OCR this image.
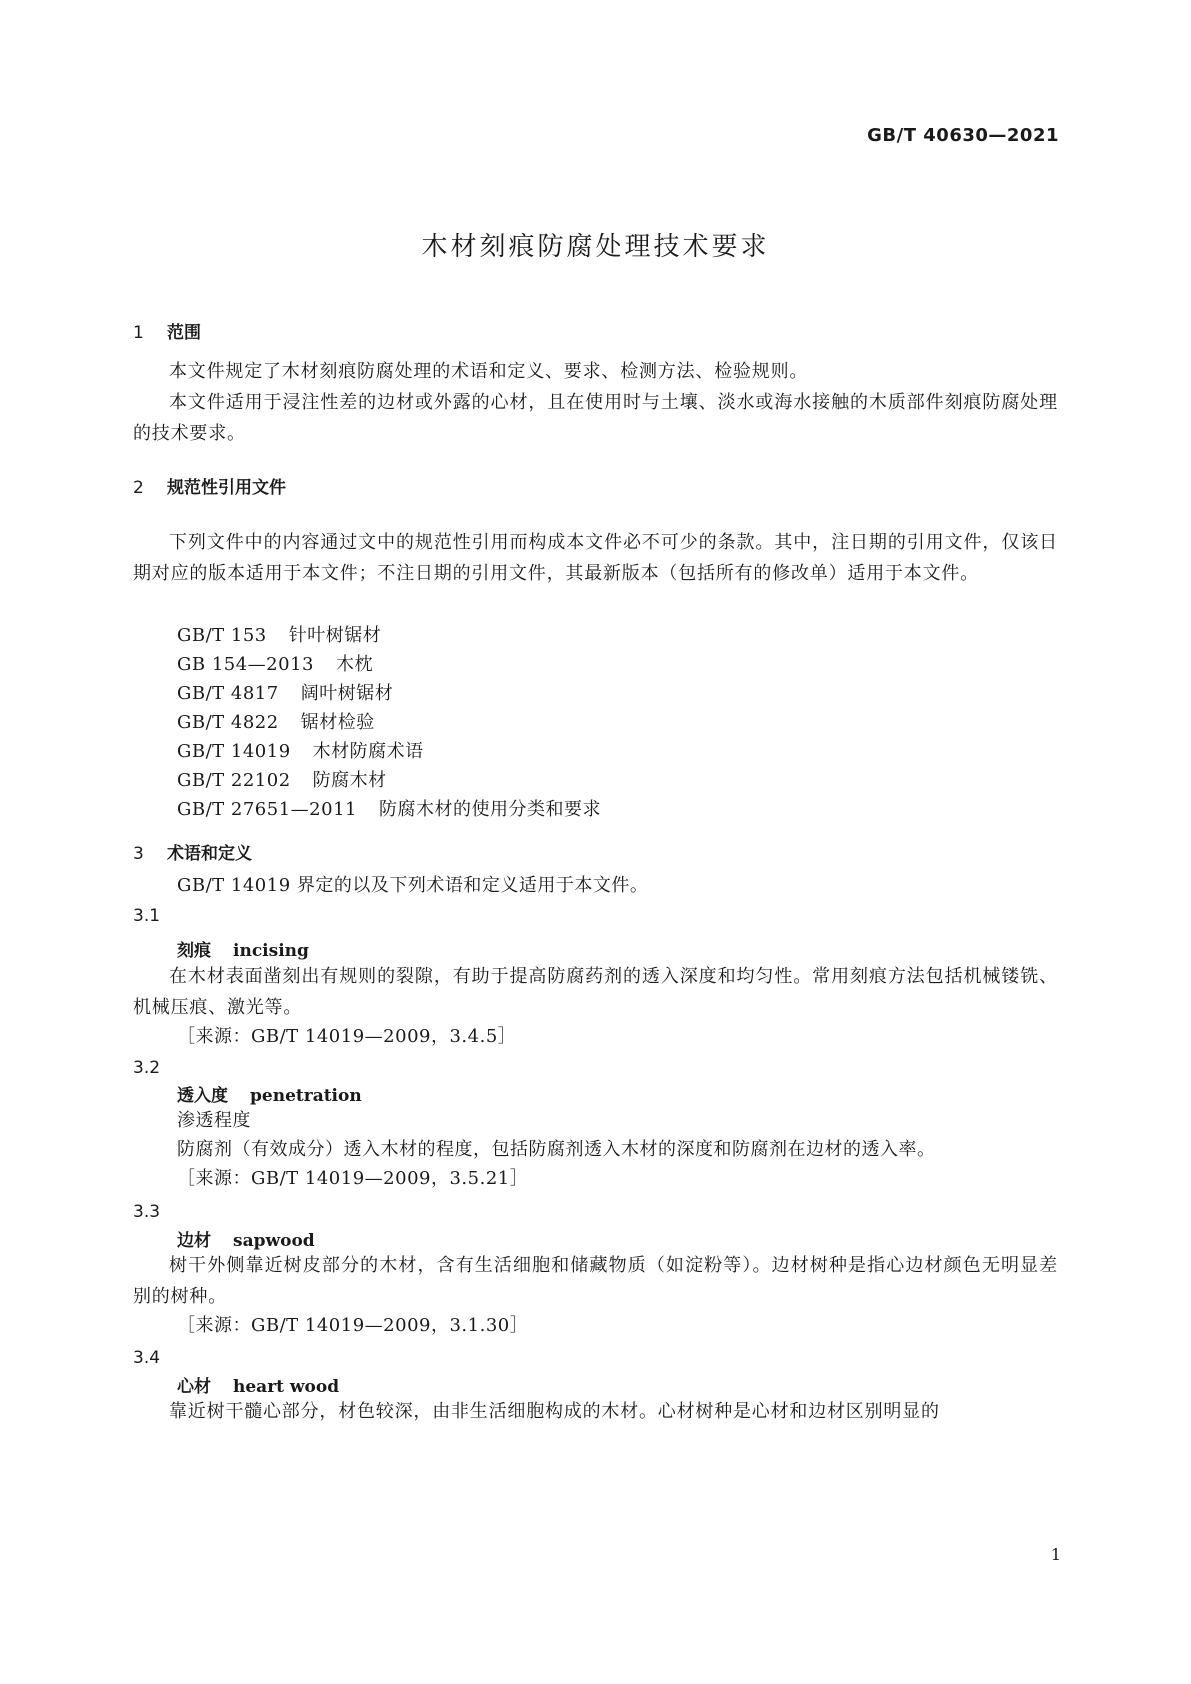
GB/T 40630—2021
木材刻痕防腐处理技术要求
1 范围
本文件规定了木材刻痕防腐处理的术语和定义、要求、检测方法、检验规则。
本文件适用于浸注性差的边材或外露的心材，且在使用时与土壤、淡水或海水接触的木质部件刻痕防腐处理的技术要求。
2 规范性引用文件
下列文件中的内容通过文中的规范性引用而构成本文件必不可少的条款。其中，注日期的引用文件，仅该日期对应的版本适用于本文件；不注日期的引用文件，其最新版本（包括所有的修改单）适用于本文件。
GB/T 153 针叶树锯材
GB 154—2013 木枕
GB/T 4817 阔叶树锯材
GB/T 4822 锯材检验
GB/T 14019 木材防腐术语
GB/T 22102 防腐木材
GB/T 27651—2011 防腐木材的使用分类和要求
3 术语和定义
GB/T 14019 界定的以及下列术语和定义适用于本文件。
3.1
刻痕 incising
在木材表面凿刻出有规则的裂隙，有助于提高防腐药剂的透入深度和均匀性。常用刻痕方法包括机械镂铣、机械压痕、激光等。
［来源：GB/T 14019—2009，3.4.5］
3.2
透入度 penetration
渗透程度
防腐剂（有效成分）透入木材的程度，包括防腐剂透入木材的深度和防腐剂在边材的透入率。
［来源：GB/T 14019—2009，3.5.21］
3.3
边材 sapwood
树干外侧靠近树皮部分的木材，含有生活细胞和储藏物质（如淀粉等）。边材树种是指心边材颜色无明显差别的树种。
［来源：GB/T 14019—2009，3.1.30］
3.4
心材 heart wood
靠近树干髓心部分，材色较深，由非生活细胞构成的木材。心材树种是心材和边材区别明显的
1
